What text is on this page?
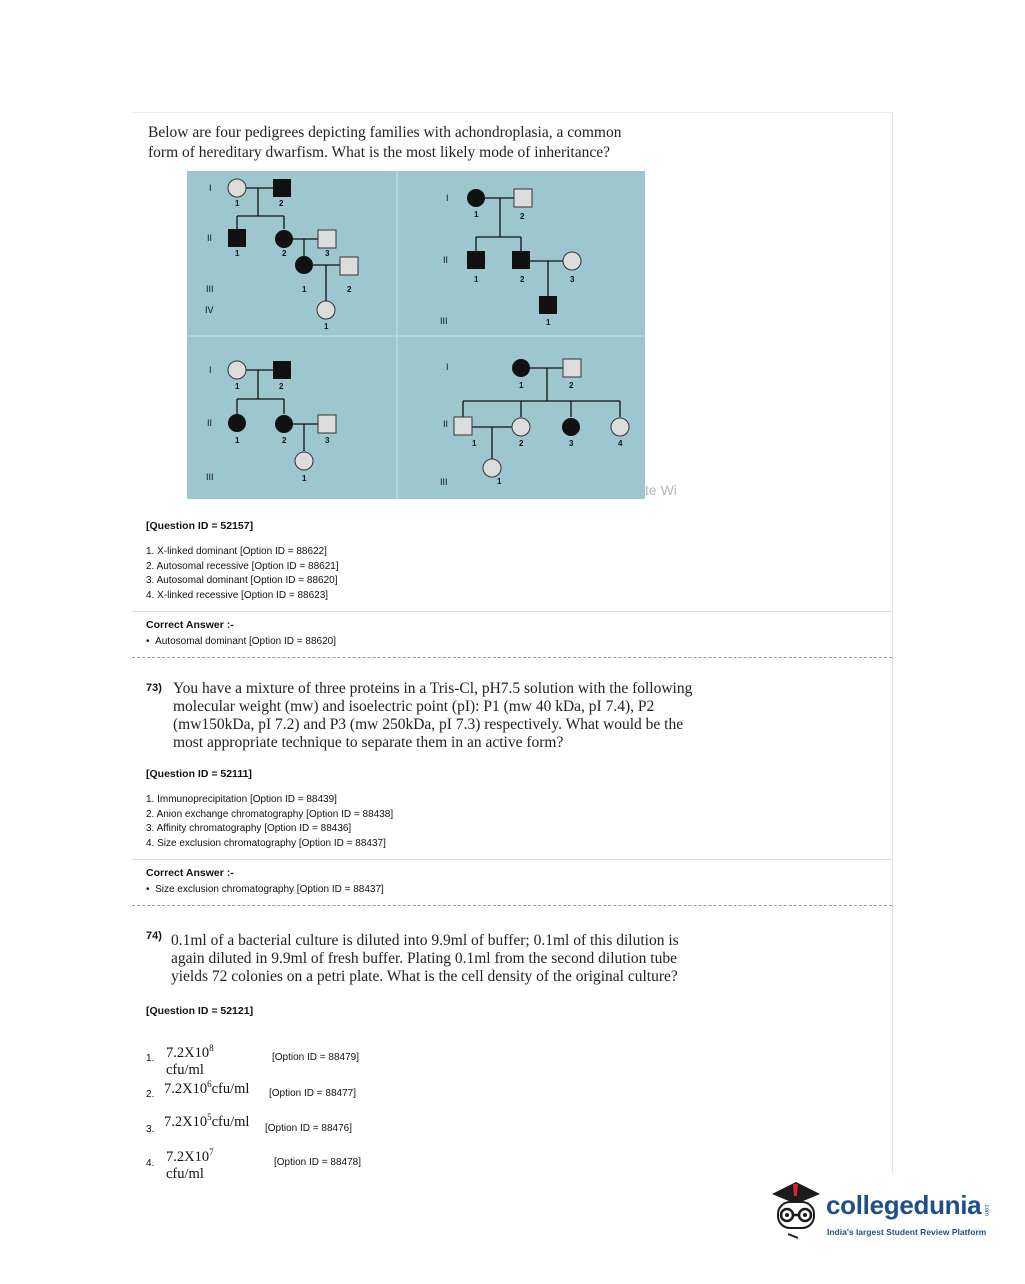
Below are four pedigrees depicting families with achondroplasia, a common
form of hereditary dwarfism. What is the most likely mode of inheritance?
I
II
III
IV
I
II
III
I
II
III
I
II
III
1	2
1	2	3
1	2
1
1	2
1	2	3
1
1	2
1	2	3
1
1	2
1	2	3	4
1
te Wi
[Question ID = 52157]
1. X-linked dominant [Option ID = 88622]
2. Autosomal recessive [Option ID = 88621]
3. Autosomal dominant [Option ID = 88620]
4. X-linked recessive [Option ID = 88623]
Correct Answer :-
•  Autosomal dominant [Option ID = 88620]
73) You have a mixture of three proteins in a Tris-Cl, pH7.5 solution with the following
molecular weight (mw) and isoelectric point (pI): P1 (mw 40 kDa, pI 7.4), P2
(mw150kDa, pI 7.2) and P3 (mw 250kDa, pI 7.3) respectively. What would be the
most appropriate technique to separate them in an active form?
[Question ID = 52111]
1. Immunoprecipitation [Option ID = 88439]
2. Anion exchange chromatography [Option ID = 88438]
3. Affinity chromatography [Option ID = 88436]
4. Size exclusion chromatography [Option ID = 88437]
Correct Answer :-
•  Size exclusion chromatography [Option ID = 88437]
74) 0.1ml of a bacterial culture is diluted into 9.9ml of buffer; 0.1ml of this dilution is
again diluted in 9.9ml of fresh buffer. Plating 0.1ml from the second dilution tube
yields 72 colonies on a petri plate. What is the cell density of the original culture?
[Question ID = 52121]
1. $7.2X10^8$ cfu/ml
[Option ID = 88479]
2. $7.2X10^6cfu/ml$ [Option ID = 88477]
3. $7.2X10^5cfu/ml$ [Option ID = 88476]
4. $7.2X10^7$ cfu/ml
[Option ID = 88478]
collegedunia .com
India's largest Student Review Platform
